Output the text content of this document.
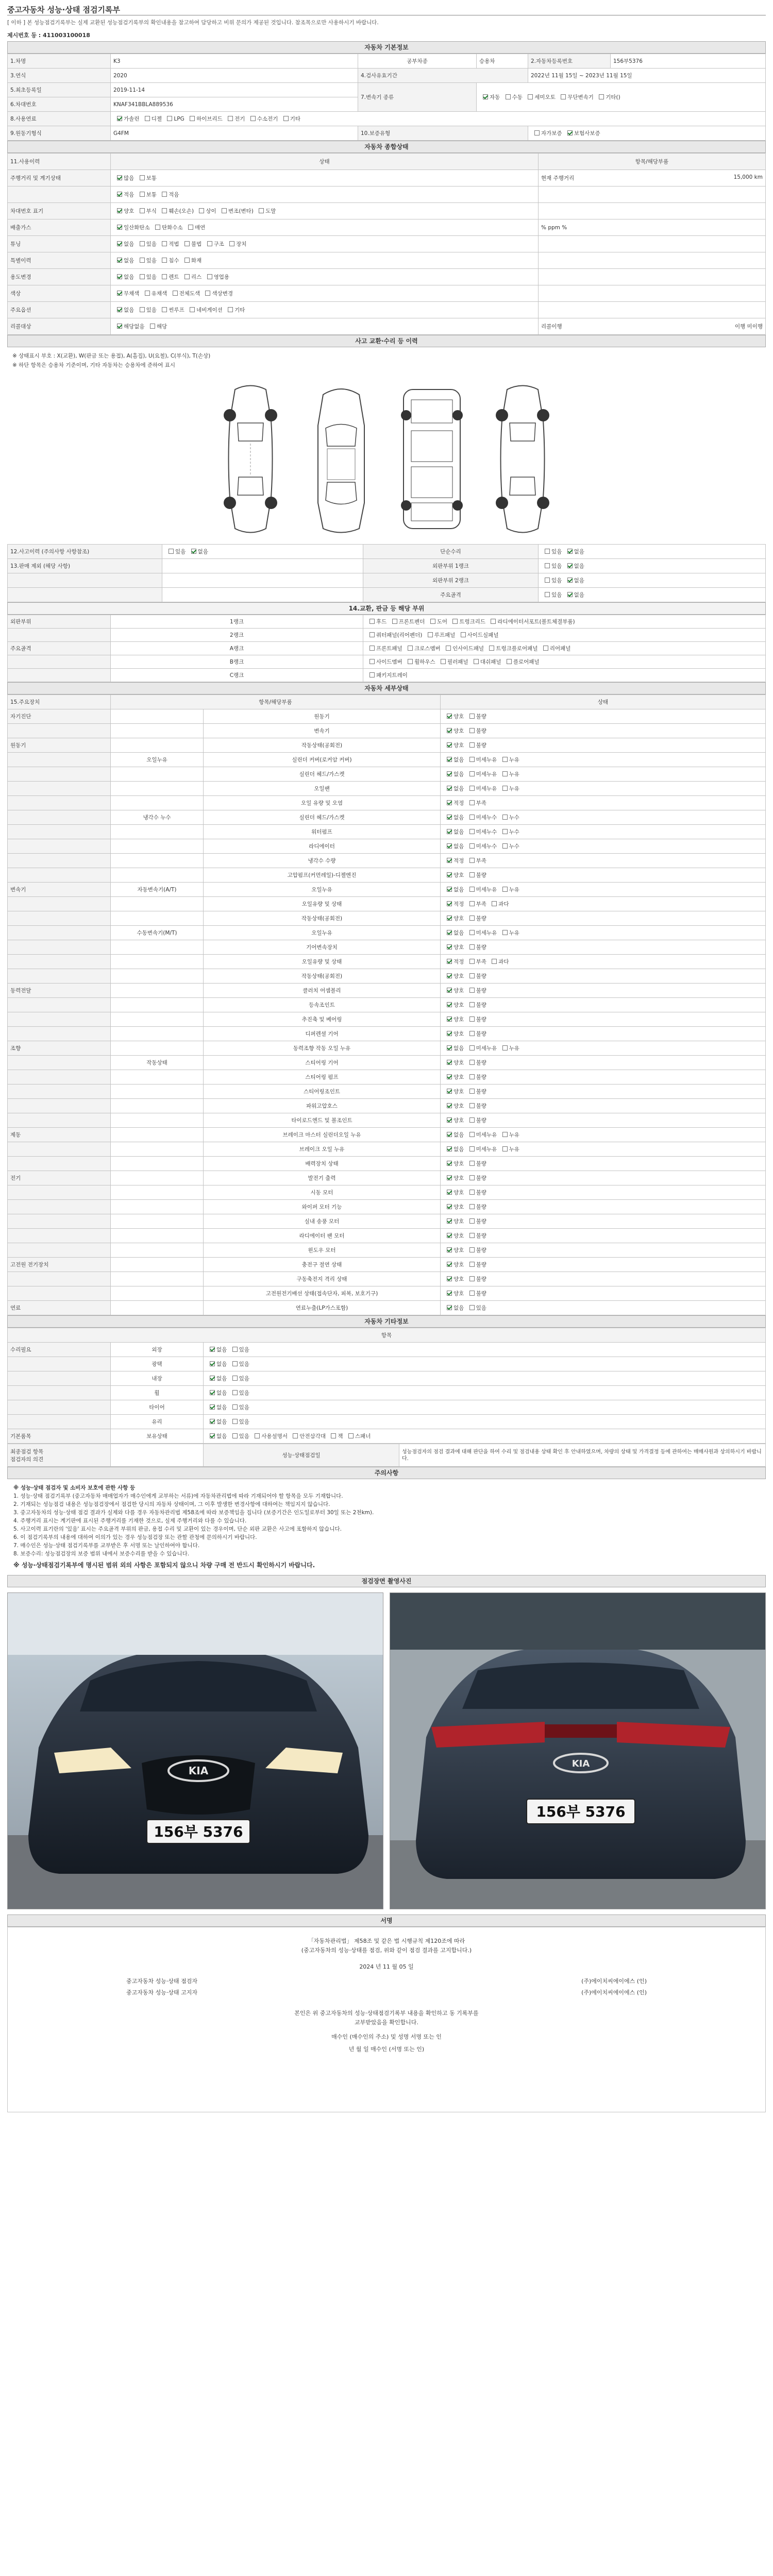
중고자동차 성능·상태 점검기록부
[ 이하 ] 본 성능점검기록부는 실제 교환된 성능점검기록부의 확인내용을 참고하여 담당하고 비위 문의가 제공된 것입니다. 참조목으로만 사용하시기 바랍니다.
제시번호 등 : 411003100018
자동차 기본정보
1.차명	K3	공부차종	승용차	2.자동차등록번호	156부5376
3.연식	2020	4.검사유효기간		2022년 11월 15일 ~ 2023년 11월 15일	
5.최초등록일	2019-11-14	7.변속기 종류	자동 수동 세미오토 무단변속기 기타()		
6.차대번호	KNAF341BBLA889536				
8.사용연료	가솔린 디젤 LPG 하이브리드 전기 수소전기 기타				
9.원동기형식	G4FM	10.보증유형		자가보증 보험사보증	
자동차 종합상태
11.사용이력	상태	항목/해당부품
주행거리 및 계기상태	많음 보통	현재 주행거리 15,000 km

	적음 보통 적음	

차대번호 표기	양호 부식 훼손(오손) 상이 변조(변타) 도말	

배출가스	일산화탄소 탄화수소 매연	% ppm %

튜닝	없음 있음 적법 불법 구조 장치	

특별이력	없음 있음 침수 화재	

용도변경	없음 있음 렌트 리스 영업용	

색상	무채색 유채색 전체도색 색상변경	

주요옵션	없음 있음 썬루프 네비게이션 기타	

리콜대상	해당없음 해당	리콜이행 이행 미이행
사고 교환·수리 등 이력
※ 상태표시 부호 : X(교환), W(판금 또는 용접), A(흠집), U(요철), C(부식), T(손상)
※ 하단 항목은 승용차 기준이며, 기타 자동차는 승용차에 준하여 표시
12.사고이력 (주의사항 사항참조)	있음 없음	단순수리	있음 없음
13.판매 제외 (해당 사항)		외판부위 1랭크	있음 없음
		외판부위 2랭크	있음 없음
		주요골격	있음 없음
14.교환, 판금 등 해당 부위
외판부위	1랭크	후드 프론트펜더 도어 트렁크리드 라디에이터서포트(볼트체결부품)
	2랭크	쿼터패널(리어펜더) 루프패널 사이드실패널
주요골격	A랭크	프론트패널 크로스멤버 인사이드패널 트렁크플로어패널 리어패널
	B랭크	사이드멤버 휠하우스 필러패널 대쉬패널 플로어패널
	C랭크	패키지트레이
자동차 세부상태
15.주요장치	항목/해당부품		상태
자기진단		원동기	양호 불량
		변속기	양호 불량
원동기		작동상태(공회전)	양호 불량
	오일누유	실린더 커버(로커암 커버)	없음 미세누유 누유
		실린더 헤드/가스켓	없음 미세누유 누유
		오일팬	없음 미세누유 누유
		오일 유량 및 오염	적정 부족
	냉각수 누수	실린더 헤드/가스켓	없음 미세누수 누수
		워터펌프	없음 미세누수 누수
		라디에이터	없음 미세누수 누수
		냉각수 수량	적정 부족
		고압펌프(커먼레일)-디젤엔진	양호 불량
변속기	자동변속기(A/T)	오일누유	없음 미세누유 누유
		오일유량 및 상태	적정 부족 과다
		작동상태(공회전)	양호 불량
	수동변속기(M/T)	오일누유	없음 미세누유 누유
		기어변속장치	양호 불량
		오일유량 및 상태	적정 부족 과다
		작동상태(공회전)	양호 불량
동력전달		클러치 어셈블리	양호 불량
		등속조인트	양호 불량
		추진축 및 베어링	양호 불량
		디퍼렌셜 기어	양호 불량
조향		동력조향 작동 오일 누유	없음 미세누유 누유
	작동상태	스티어링 기어	양호 불량
		스티어링 펌프	양호 불량
		스티어링조인트	양호 불량
		파워고압호스	양호 불량
		타이로드엔드 및 볼조인트	양호 불량
제동		브레이크 마스터 실린더오일 누유	없음 미세누유 누유
		브레이크 오일 누유	없음 미세누유 누유
		배력장치 상태	양호 불량
전기		발전기 출력	양호 불량
		시동 모터	양호 불량
		와이퍼 모터 기능	양호 불량
		실내 송풍 모터	양호 불량
		라디에이터 팬 모터	양호 불량
		윈도우 모터	양호 불량
고전원 전기장치		충전구 절연 상태	양호 불량
		구동축전지 격리 상태	양호 불량
		고전원전기배선 상태(접속단자, 피복, 보호기구)	양호 불량
연료		연료누출(LP가스포함)	없음 있음
자동차 기타정보
항목		
수리필요	외장	없음 있음
	광택	없음 있음
	내장	없음 있음
	휠	없음 있음
	타이어	없음 있음
	유리	없음 있음
기본품목	보유상태	없음 있음 사용설명서 안전삼각대 잭 스패너
최종점검 항목
점검자의 의견
		성능·상태점검일	성능점검자의 점검 결과에 대해 판단을 하여 수리 및 점검내용 상태 확인 후 안내하였으며, 차량의 상태 및 가격결정 등에 관하여는 매매사원과 상의하시기 바랍니다.
주의사항

※ 성능·상태 점검자 및 소비자 보호에 관한 사항 등

1. 성능·상태 점검기록부 (중고자동차 매매업자가 매수인에게 교부하는 서류)에 자동차관리법에 따라 기재되어야 할 항목을 모두 기재합니다.

2. 기재되는 성능점검 내용은 성능점검장에서 점검한 당시의 자동차 상태이며, 그 이후 발생한 변경사항에 대하여는 책임지지 않습니다.

3. 중고자동차의 성능·상태 점검 결과가 실제와 다를 경우 자동차관리법 제58조에 따라 보증책임을 집니다 (보증기간은 인도일로부터 30일 또는 2천km).

4. 주행거리 표시는 계기판에 표시된 주행거리를 기재한 것으로, 실제 주행거리와 다를 수 있습니다.

5. 사고이력 표기란의 '있음' 표시는 주요골격 부위의 판금, 용접 수리 및 교환이 있는 경우이며, 단순 외판 교환은 사고에 포함하지 않습니다.

6. 이 점검기록부의 내용에 대하여 이의가 있는 경우 성능점검장 또는 관할 관청에 문의하시기 바랍니다.

7. 매수인은 성능·상태 점검기록부를 교부받은 후 서명 또는 날인하여야 합니다.

8. 보증수리: 성능점검장의 보증 범위 내에서 보증수리를 받을 수 있습니다.

※ 성능·상태점검기록부에 명시된 범위 외의 사항은 포함되지 않으니 차량 구매 전 반드시 확인하시기 바랍니다.

점검장면 촬영사진
KIA
156부 5376
KIA
156부 5376
서명
「자동차관리법」 제58조 및 같은 법 시행규칙 제120조에 따라
(중고자동차의 성능·상태를 점검, 위와 같이 점검 결과를 고지합니다.)
2024 년 11 월 05 일
중고자동차 성능·상태 점검자	(주)에이치씨에이에스 (인)
중고자동차 성능·상태 고지자	(주)에이치씨에이에스 (인)
본인은 위 중고자동차의 성능·상태점검기록부 내용을 확인하고 동 기록부를
교부받았음을 확인합니다.
매수인 (매수인의 주소) 및 성명 서명 또는 인
년 월 일 매수인 (서명 또는 인)
